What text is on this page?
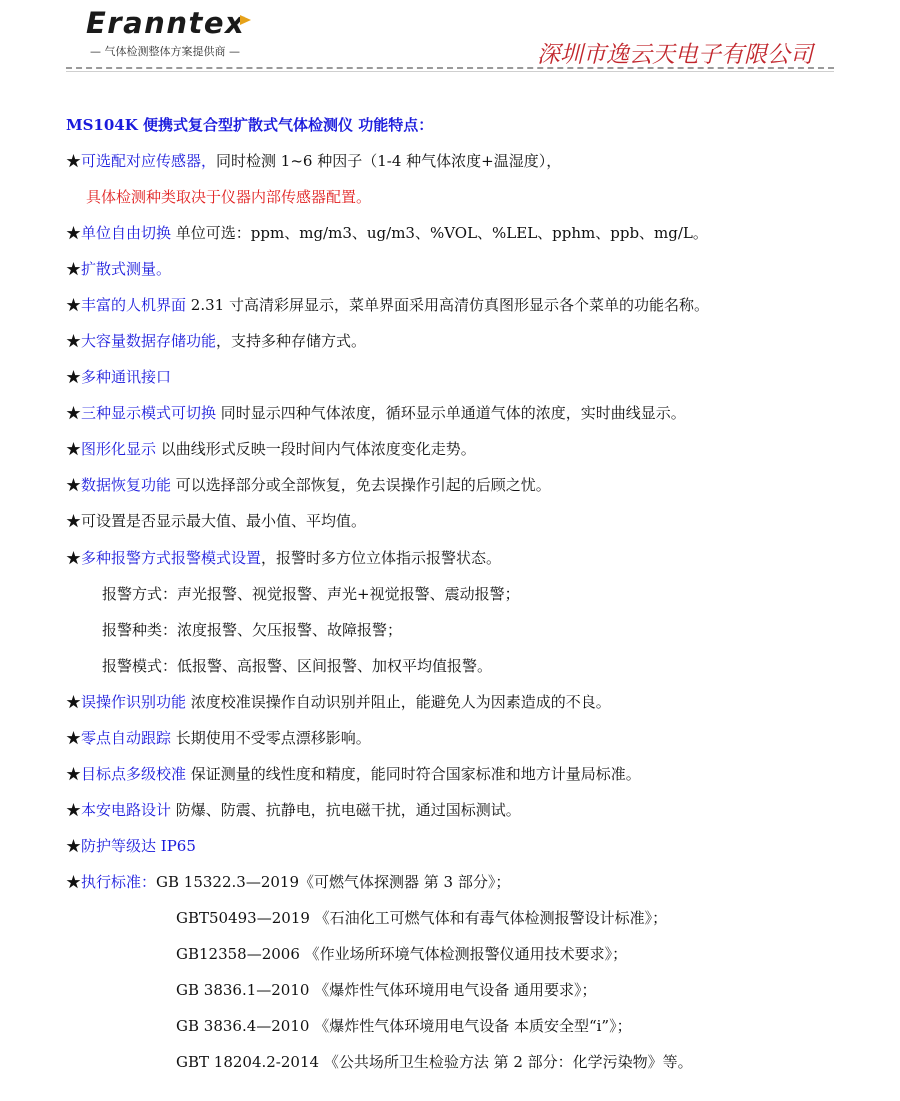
Eranntex
— 气体检测整体方案提供商 —	深圳市逸云天电子有限公司
MS104K 便携式复合型扩散式气体检测仪 功能特点：
★可选配对应传感器，同时检测 1~6 种因子（1-4 种气体浓度+温湿度），
具体检测种类取决于仪器内部传感器配置。
★单位自由切换 单位可选：ppm、mg/m3、ug/m3、%VOL、%LEL、pphm、ppb、mg/L。
★扩散式测量。
★丰富的人机界面 2.31 寸高清彩屏显示，菜单界面采用高清仿真图形显示各个菜单的功能名称。
★大容量数据存储功能，支持多种存储方式。
★多种通讯接口
★三种显示模式可切换 同时显示四种气体浓度，循环显示单通道气体的浓度，实时曲线显示。
★图形化显示 以曲线形式反映一段时间内气体浓度变化走势。
★数据恢复功能 可以选择部分或全部恢复，免去误操作引起的后顾之忧。
★可设置是否显示最大值、最小值、平均值。
★多种报警方式报警模式设置，报警时多方位立体指示报警状态。
报警方式：声光报警、视觉报警、声光+视觉报警、震动报警；
报警种类：浓度报警、欠压报警、故障报警；
报警模式：低报警、高报警、区间报警、加权平均值报警。
★误操作识别功能 浓度校准误操作自动识别并阻止，能避免人为因素造成的不良。
★零点自动跟踪 长期使用不受零点漂移影响。
★目标点多级校准 保证测量的线性度和精度，能同时符合国家标准和地方计量局标准。
★本安电路设计 防爆、防震、抗静电，抗电磁干扰，通过国标测试。
★防护等级达 IP65
★执行标准：GB 15322.3—2019《可燃气体探测器 第 3 部分》；
GBT50493—2019 《石油化工可燃气体和有毒气体检测报警设计标准》；
GB12358—2006 《作业场所环境气体检测报警仪通用技术要求》；
GB 3836.1—2010 《爆炸性气体环境用电气设备 通用要求》；
GB 3836.4—2010 《爆炸性气体环境用电气设备 本质安全型“i”》；
GBT 18204.2-2014 《公共场所卫生检验方法 第 2 部分：化学污染物》等。
